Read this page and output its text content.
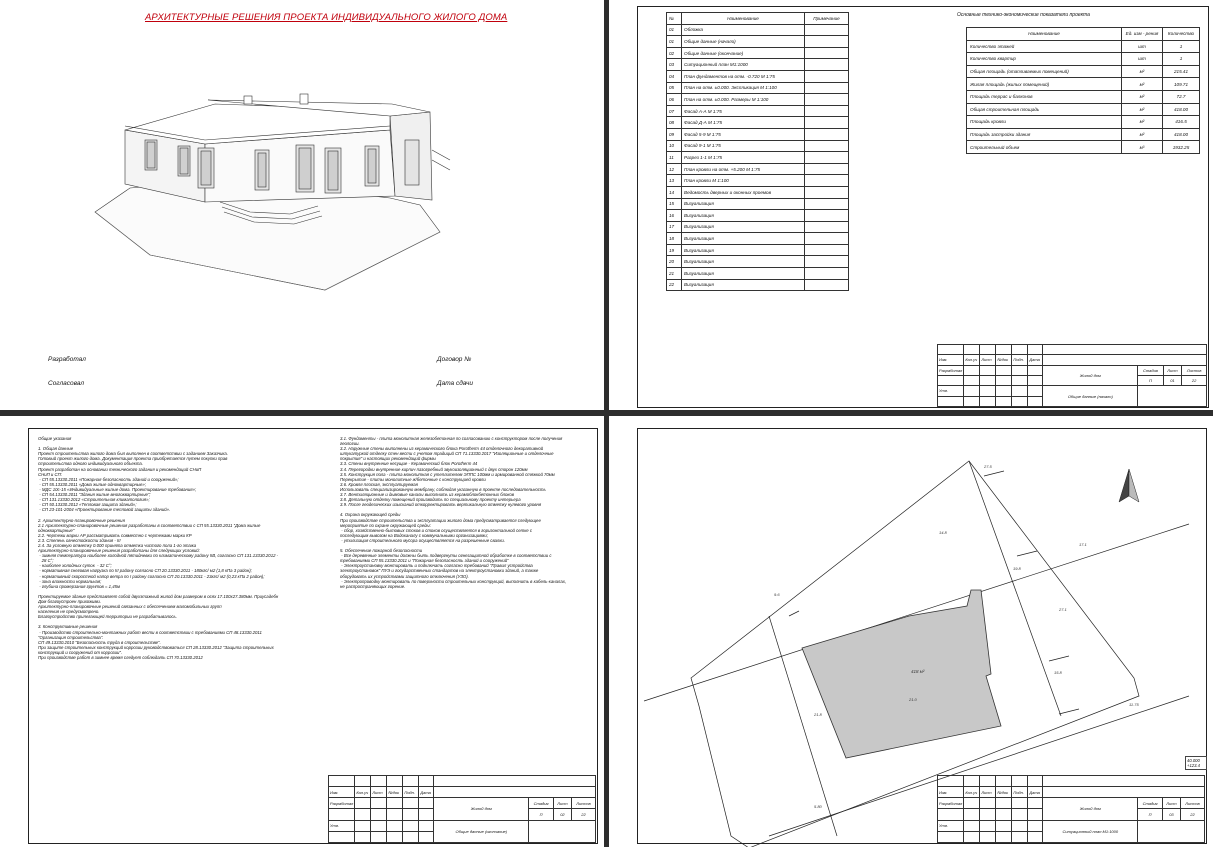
АРХИТЕКТУРНЫЕ РЕШЕНИЯ ПРОЕКТА ИНДИВИДУАЛЬНОГО ЖИЛОГО ДОМА
Разработал
Согласовал
Договор №
Дата сдачи
№	Наименование	Примечание
01	Обложка	
01	Общие данные (начало)	
02	Общие данные (окончание)	
03	Ситуационный план М1:1000	
04	План фундаментов на отм. -0.720 М 1:75	
05	План на отм. ±0.000. Экспликация М 1:100	
06	План на отм. ±0.000. Размеры М 1:100	
07	Фасад А-А М 1:75	
08	Фасад Д-А М 1:75	
09	Фасад 5-9 М 1:75	
10	Фасад 9-1 М 1:75	
11	Разрез 1-1 М 1:75	
12	План кровли на отм. +5.200 М 1:75	
13	План кровли М 1:100	
14	Ведомость дверных и оконных проемов	
15	Визуализация	
16	Визуализация	
17	Визуализация	
18	Визуализация	
19	Визуализация	
20	Визуализация	
21	Визуализация	
22	Визуализация	
Основные технико-экономические показатели проекта
Наименование	Ед. изм - рения	Количество
Количество этажей	шт	1
Количество квартир	шт	1
Общая площадь (отапливаемых помещений)	м²	215.41
Жилая площадь (жилых помещений)	м²	109.71
Площадь террас и балконов	м²	72.7
Общая строительная площадь	м²	418.00
Площадь кровли	м²	416.5
Площадь застройки здания	м²	418.00
Строительный объем	м³	1932.25

Изм.	Кол.уч	Лист	№док	Подп.	Дата				
Разработал						Жилой дом	Стадия	Лист	Листов
							П	01	22
Утв.						Общие данные (начало)			

Общие указания

1. Общая данные
Проект строительства жилого дома был выполнен в соответствии с заданием Заказчика.
Готовый проект жилого дома. Документация проекта приобретается путем покупки прав
строительства одного индивидуального объекта.
Проект разработан на основании технического задания и рекомендаций СНиП
СНиП и СП:
- СП 55.13330.2011 «Пожарная безопасность зданий и сооружений»;
- СП 55.13330.2011 «Дома жилые одноквартирные»;
- МДС 10с-15 «Индивидуальные жилые дома. Проектирование требования»;
- СП 54.13330.2011 "Здания жилые многоквартирные";
- СП 131.13330.2012 «Строительная климатология»;
- СП 50.13330.2012 «Тепловая защита зданий»;
- СП 23-101-2004 «Проектирование тепловой защиты зданий».

2. Архитектурно-планировочные решения
2.1 Архитектурно-планировочные решения разработаны в соответствии с СП 55.13330.2011 "Дома жилые
одноквартирные"
2.2. Чертежи марки АР рассматривать совместно с чертежами марки КР
2.3. Степень огнестойкости здания - III
2.4. За условную отметку 0.000 принята отметка чистого пола 1-го этажа
Архитектурно-планировочные решения разработаны для следующих условий:
- зимняя температура наиболее холодной пятидневки по климатическому району IIВ, согласно СП 131.13330.2012 -
28 С°;
- наиболее холодных суток  - 32 С°;
- нормативная снеговая нагрузка по III району согласно СП 20.13330.2011 - 180кгс/ м2 (1,8 кПа 3 район);
- нормативный скоростной напор ветра по I району согласно СП 20.13330.2011 - 23кгс/ м2 (0,23 кПа 2 район);
- зона влажности нормальная;
- глубина промерзания грунтов = 1,45м

Проектируемое здание представляет собой двухэтажный жилой дом размером в осях 17.100х27.380мм. Приусадебн
Дом благоустроен прихожими.
Архитектурно-планировочные решений связанных с обеспечением маломобильных групп
населения не предусмотрено.
Благоустройство прилегающей территории не разрабатывалось.

3. Конструктивные решения
- Производство строительно-монтажных работ вести в соответствии с требованиями СП 48.13330.2011
"Организация строительства".
СП 49.13330.2010 "Безопасность труда в строительстве".
При защите строительных конструкций коррозии руководствоваться СП 28.13330.2012 "Защита строительных
конструкций и сооружений от коррозии".
При производстве работ в зимнее время следует соблюдать СП 70.13330.2012
3.1. Фундаменты - плита монолитная железобетонная по согласованию с конструктором после получения
геологии.
3.2. Наружные стены выполнены из керамического блока Porotherm 44 отделочного декоративной
штукатуркой отделку стен вести с учетом традиций СП 71.13330.2017 "Изоляционные и отделочные
покрытия" и настоящих рекомендаций фирмы
3.3. Стены внутренние несущие - Керамический блок Porotherm 44
3.4. Перегородки внутренние кирпич пазогребный звукоизоляционный с двух сторон 120мм
3.5. Конструкция пола - плита монолитная с утеплителем ЭППС 100мм и армированной стяжкой 70мм
Перекрытие - плиты монолитные ж/бетонные с конструкцией кровли
3.6. Кровля плоская, эксплуатируемая
Использовать специализированную мембрану, соблюдая указанную в проекте последовательность
3.7. Вентиляционные и дымовые каналы выполнить из керамоблокбетонных блоков
3.8. Детальную отделку помещений производить по специальному проекту интерьера
3.9. После геодезических изысканий откорректировать вертикальную отметку нулевого уровня

4. Охрана окружающей среды
При производстве строительства и эксплуатации жилого дома предусматривается следующее
мероприятие по охране окружающей среды:
- сбор, хозяйственно-бытовых стоков и стоков осуществляется в горизонтальной сетке с
последующим вывозом на Водоканалу с коммунальными организациями;
- утилизация строительного мусора осуществляется на разрешенные свалки.

5. Обеспечение пожарной безопасности
- Все деревянные элементы должны быть подвергнуты огнезащитной обработке в соответствии с
требованиями СП 55.13330.2011 и "Пожарная безопасность зданий и сооружений"
- Электроустановку монтировать и подключать согласно требований "Правил устройства
электроустановок" ПУЭ и государственных стандартов на электроустановки зданий, а также
оборудовать их устройствами защитного отключения (УЗО).
- Электропроводку монтировать по поверхности строительных конструкций, выполнить в кабель-каналах,
не распространяющих горение.

Изм.	Кол.уч	Лист	№док	Подп.	Дата				
Разработал						Жилой дом	Стадия	Лист	Листов
							П	02	22
Утв.						Общие данные (окончание)			

27.5
14.8
19.8
9.6
27.1
17.1
15.8
21.8
11.75
5.80
21.0
418 м²
40.000
+123.4

Изм.	Кол.уч	Лист	№док	Подп.	Дата				
Разработал						Жилой дом	Стадия	Лист	Листов
							П	03	22
Утв.						Ситуационный план М1:1000			
